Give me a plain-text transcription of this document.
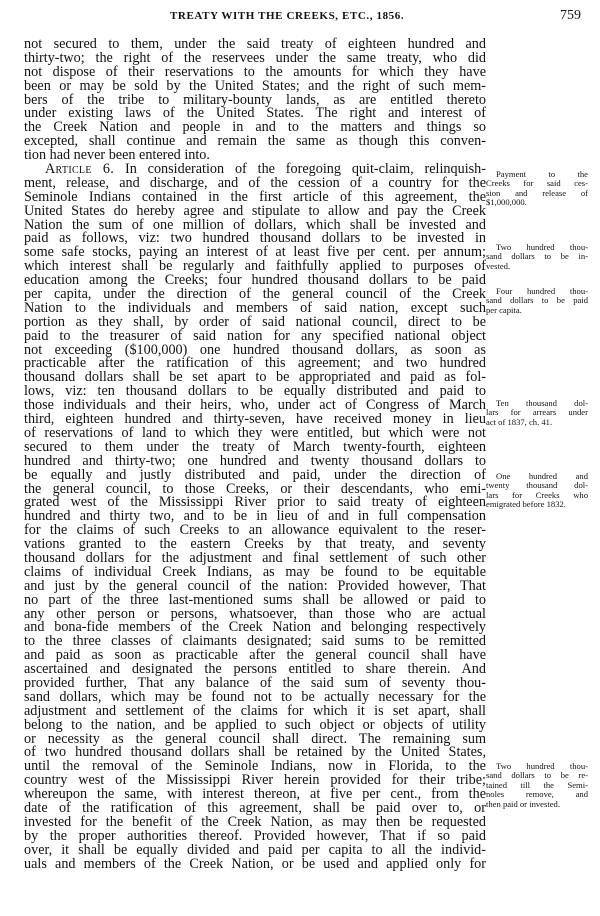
TREATY WITH THE CREEKS, ETC., 1856.	759
not secured to them, under the said treaty of eighteen hundred and
thirty-two; the right of the reservees under the same treaty, who did
not dispose of their reservations to the amounts for which they have
been or may be sold by the United States; and the right of such mem-
bers of the tribe to military-bounty lands, as are entitled thereto
under existing laws of the United States. The right and interest of
the Creek Nation and people in and to the matters and things so
excepted, shall continue and remain the same as though this conven-
tion had never been entered into.
Article 6. In consideration of the foregoing quit-claim, relinquish-
ment, release, and discharge, and of the cession of a country for the
Seminole Indians contained in the first article of this agreement, the
United States do hereby agree and stipulate to allow and pay the Creek
Nation the sum of one million of dollars, which shall be invested and
paid as follows, viz: two hundred thousand dollars to be invested in
some safe stocks, paying an interest of at least five per cent. per annum;
which interest shall be regularly and faithfully applied to purposes of
education among the Creeks; four hundred thousand dollars to be paid
per capita, under the direction of the general council of the Creek
Nation to the individuals and members of said nation, except such
portion as they shall, by order of said national council, direct to be
paid to the treasurer of said nation for any specified national object
not exceeding ($100,000) one hundred thousand dollars, as soon as
practicable after the ratification of this agreement; and two hundred
thousand dollars shall be set apart to be appropriated and paid as fol-
lows, viz: ten thousand dollars to be equally distributed and paid to
those individuals and their heirs, who, under act of Congress of March
third, eighteen hundred and thirty-seven, have received money in lieu
of reservations of land to which they were entitled, but which were not
secured to them under the treaty of March twenty-fourth, eighteen
hundred and thirty-two; one hundred and twenty thousand dollars to
be equally and justly distributed and paid, under the direction of
the general council, to those Creeks, or their descendants, who emi-
grated west of the Mississippi River prior to said treaty of eighteen
hundred and thirty two, and to be in lieu of and in full compensation
for the claims of such Creeks to an allowance equivalent to the reser-
vations granted to the eastern Creeks by that treaty, and seventy
thousand dollars for the adjustment and final settlement of such other
claims of individual Creek Indians, as may be found to be equitable
and just by the general council of the nation: Provided however, That
no part of the three last-mentioned sums shall be allowed or paid to
any other person or persons, whatsoever, than those who are actual
and bona-fide members of the Creek Nation and belonging respectively
to the three classes of claimants designated; said sums to be remitted
and paid as soon as practicable after the general council shall have
ascertained and designated the persons entitled to share therein. And
provided further, That any balance of the said sum of seventy thou-
sand dollars, which may be found not to be actually necessary for the
adjustment and settlement of the claims for which it is set apart, shall
belong to the nation, and be applied to such object or objects of utility
or necessity as the general council shall direct. The remaining sum
of two hundred thousand dollars shall be retained by the United States,
until the removal of the Seminole Indians, now in Florida, to the
country west of the Mississippi River herein provided for their tribe;
whereupon the same, with interest thereon, at five per cent., from the
date of the ratification of this agreement, shall be paid over to, or
invested for the benefit of the Creek Nation, as may then be requested
by the proper authorities thereof. Provided however, That if so paid
over, it shall be equally divided and paid per capita to all the individ-
uals and members of the Creek Nation, or be used and applied only for
Payment to the
Creeks for said ces-
sion and release of
$1,000,000.
Two hundred thou-
sand dollars to be in-
vested.
Four hundred thou-
sand dollars to be paid
per capita.
Ten thousand dol-
lars for arrears under
act of 1837, ch. 41.
One hundred and
twenty thousand dol-
lars for Creeks who
emigrated before 1832.
Two hundred thou-
sand dollars to be re-
tained till the Semi-
noles remove, and
then paid or invested.
